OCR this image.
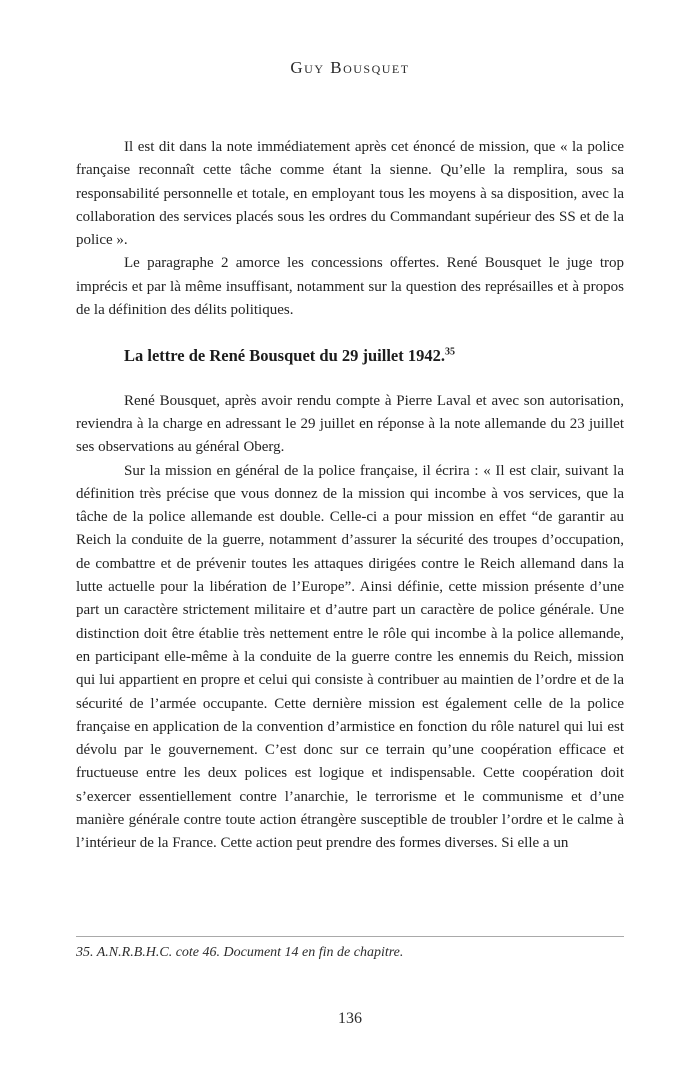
Guy Bousquet

Il est dit dans la note immédiatement après cet énoncé de mission, que « la police française reconnaît cette tâche comme étant la sienne. Qu’elle la remplira, sous sa responsabilité personnelle et totale, en employant tous les moyens à sa disposition, avec la collaboration des services placés sous les ordres du Commandant supérieur des SS et de la police ».

Le paragraphe 2 amorce les concessions offertes. René Bousquet le juge trop imprécis et par là même insuffisant, notamment sur la question des représailles et à propos de la définition des délits politiques.

La lettre de René Bousquet du 29 juillet 1942.35

René Bousquet, après avoir rendu compte à Pierre Laval et avec son autorisation, reviendra à la charge en adressant le 29 juillet en réponse à la note allemande du 23 juillet ses observations au général Oberg.

Sur la mission en général de la police française, il écrira : « Il est clair, suivant la définition très précise que vous donnez de la mission qui incombe à vos services, que la tâche de la police allemande est double. Celle-ci a pour mission en effet “de garantir au Reich la conduite de la guerre, notamment d’assurer la sécurité des troupes d’occupation, de combattre et de prévenir toutes les attaques dirigées contre le Reich allemand dans la lutte actuelle pour la libération de l’Europe”. Ainsi définie, cette mission présente d’une part un caractère strictement militaire et d’autre part un caractère de police générale. Une distinction doit être établie très nettement entre le rôle qui incombe à la police allemande, en participant elle-même à la conduite de la guerre contre les ennemis du Reich, mission qui lui appartient en propre et celui qui consiste à contribuer au maintien de l’ordre et de la sécurité de l’armée occupante. Cette dernière mission est également celle de la police française en application de la convention d’armistice en fonction du rôle naturel qui lui est dévolu par le gouvernement. C’est donc sur ce terrain qu’une coopération efficace et fructueuse entre les deux polices est logique et indispensable. Cette coopération doit s’exercer essentiellement contre l’anarchie, le terrorisme et le communisme et d’une manière générale contre toute action étrangère susceptible de troubler l’ordre et le calme à l’intérieur de la France. Cette action peut prendre des formes diverses. Si elle a un

35. A.N.R.B.H.C. cote 46. Document 14 en fin de chapitre.

136
